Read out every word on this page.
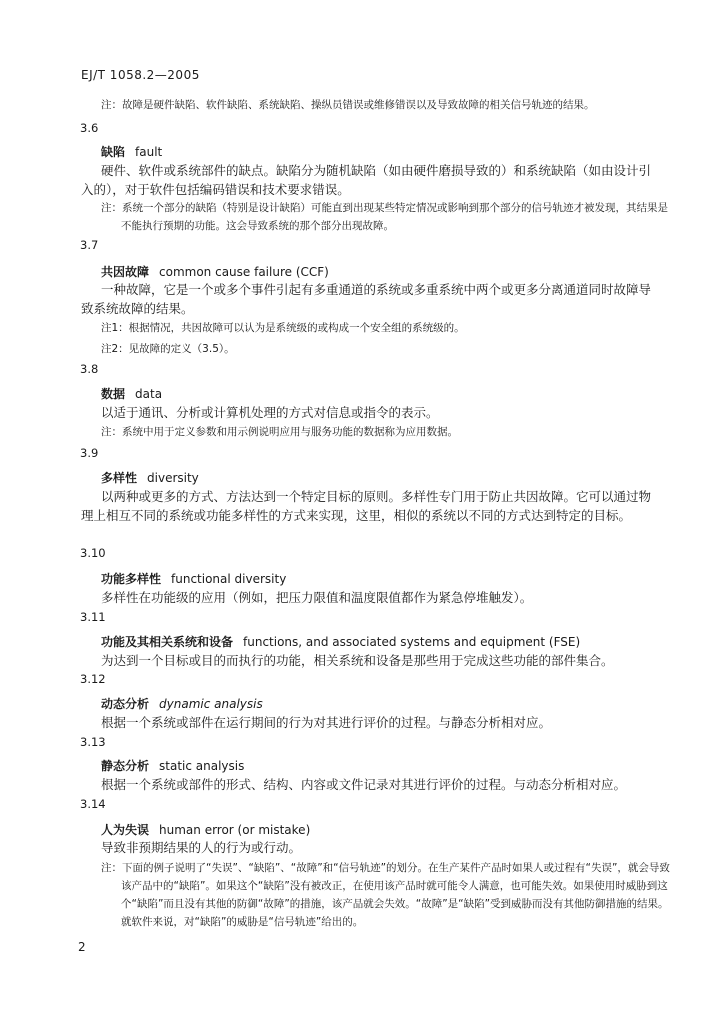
EJ/T 1058.2—2005
注：故障是硬件缺陷、软件缺陷、系统缺陷、操纵员错误或维修错误以及导致故障的相关信号轨迹的结果。
3.6
缺陷 fault
硬件、软件或系统部件的缺点。缺陷分为随机缺陷（如由硬件磨损导致的）和系统缺陷（如由设计引入的），对于软件包括编码错误和技术要求错误。
注：系统一个部分的缺陷（特别是设计缺陷）可能直到出现某些特定情况或影响到那个部分的信号轨迹才被发现，其结果是不能执行预期的功能。这会导致系统的那个部分出现故障。
3.7
共因故障 common cause failure (CCF)
一种故障，它是一个或多个事件引起有多重通道的系统或多重系统中两个或更多分离通道同时故障导致系统故障的结果。
注1：根据情况，共因故障可以认为是系统级的或构成一个安全组的系统级的。
注2：见故障的定义（3.5）。
3.8
数据 data
以适于通讯、分析或计算机处理的方式对信息或指令的表示。
注：系统中用于定义参数和用示例说明应用与服务功能的数据称为应用数据。
3.9
多样性 diversity
以两种或更多的方式、方法达到一个特定目标的原则。多样性专门用于防止共因故障。它可以通过物理上相互不同的系统或功能多样性的方式来实现，这里，相似的系统以不同的方式达到特定的目标。
3.10
功能多样性 functional diversity
多样性在功能级的应用（例如，把压力限值和温度限值都作为紧急停堆触发）。
3.11
功能及其相关系统和设备 functions, and associated systems and equipment (FSE)
为达到一个目标或目的而执行的功能，相关系统和设备是那些用于完成这些功能的部件集合。
3.12
动态分析 dynamic analysis
根据一个系统或部件在运行期间的行为对其进行评价的过程。与静态分析相对应。
3.13
静态分析 static analysis
根据一个系统或部件的形式、结构、内容或文件记录对其进行评价的过程。与动态分析相对应。
3.14
人为失误 human error (or mistake)
导致非预期结果的人的行为或行动。
注：下面的例子说明了“失误”、“缺陷”、“故障”和“信号轨迹”的划分。在生产某件产品时如果人或过程有“失误”，就会导致该产品中的“缺陷”。如果这个“缺陷”没有被改正，在使用该产品时就可能令人满意，也可能失效。如果使用时威胁到这个“缺陷”而且没有其他的防御“故障”的措施，该产品就会失效。“故障”是“缺陷”受到威胁而没有其他防御措施的结果。就软件来说，对“缺陷”的威胁是“信号轨迹”给出的。
2
